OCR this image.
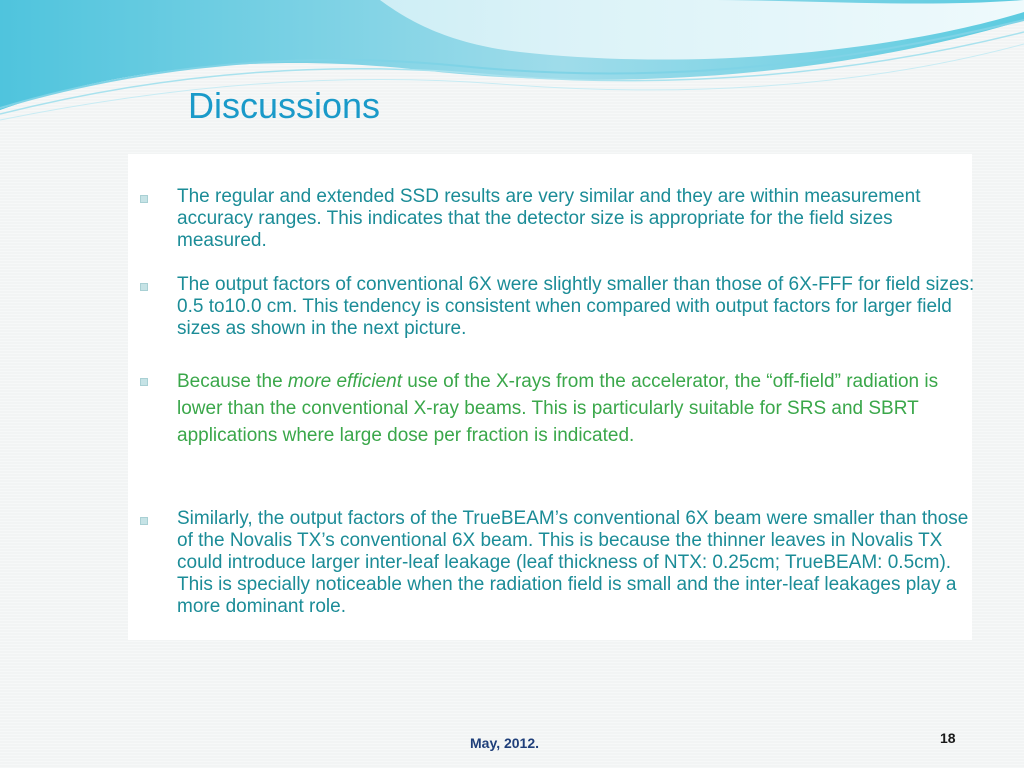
Discussions

The regular and extended SSD results are very similar and they are within measurement accuracy ranges. This indicates that the detector size is appropriate for the field sizes measured.

The output factors of conventional 6X were slightly smaller than those of 6X-FFF for field sizes: 0.5 to10.0 cm. This tendency is consistent when compared with output factors for larger field sizes as shown in the next picture.

Because the more efficient use of the X-rays from the accelerator, the “off-field” radiation is lower than the conventional X-ray beams. This is particularly suitable for SRS and SBRT applications where large dose per fraction is indicated.

Similarly, the output factors of the TrueBEAM’s conventional 6X beam were smaller than those of the Novalis TX’s conventional 6X beam. This is because the thinner leaves in Novalis TX could introduce larger inter-leaf leakage (leaf thickness of NTX: 0.25cm; TrueBEAM: 0.5cm). This is specially noticeable when the radiation field is small and the inter-leaf leakages play a more dominant role.

May, 2012.	18
